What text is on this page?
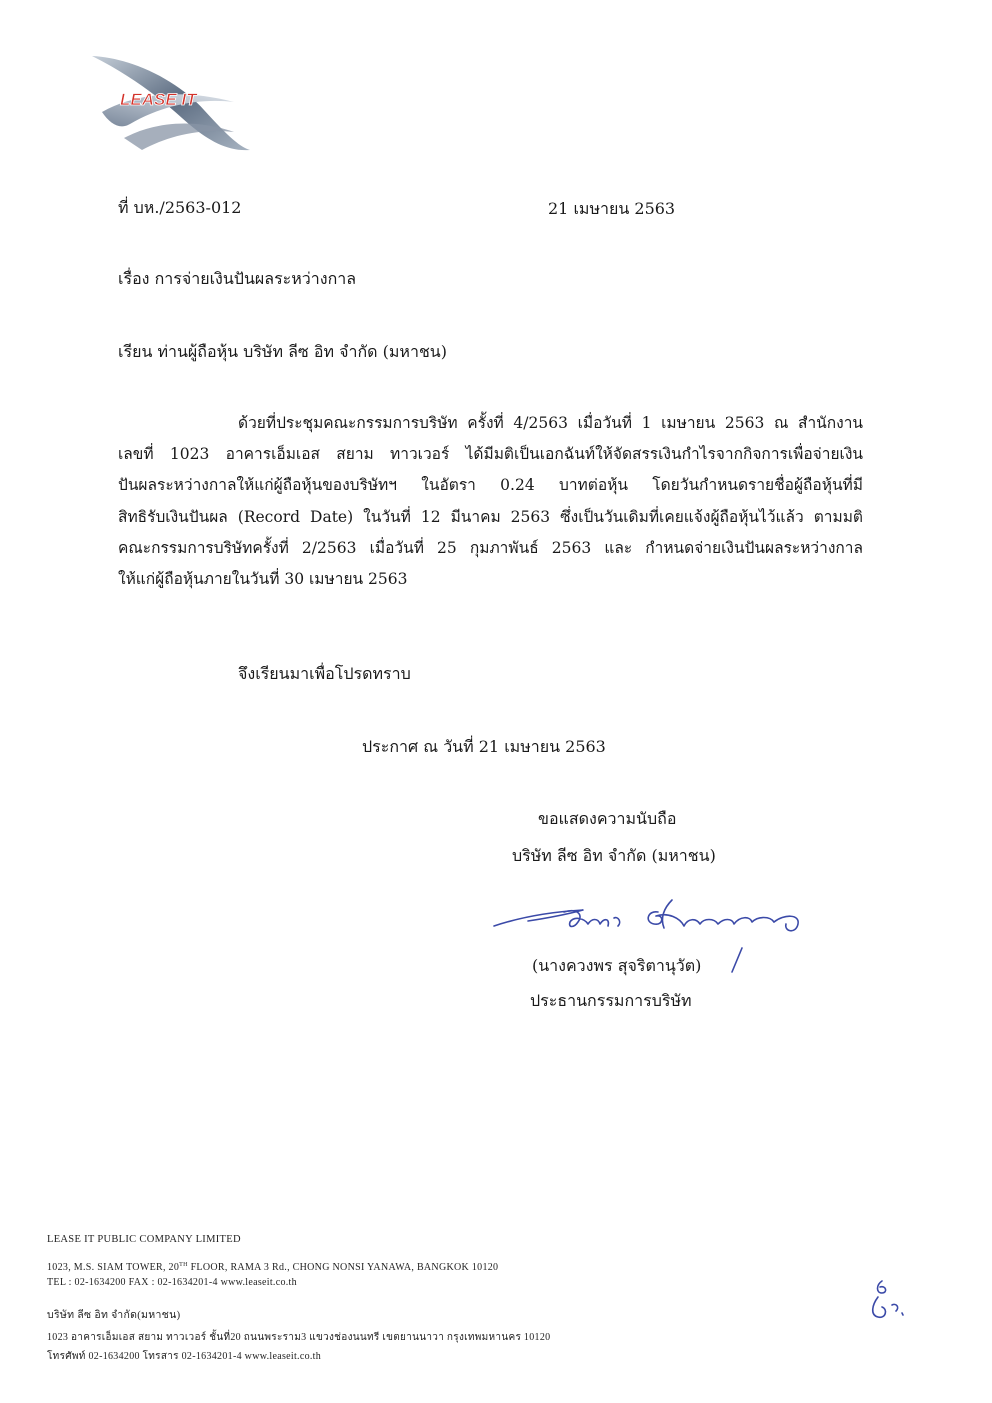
LEASE IT
ที่ บห./2563-012	21 เมษายน 2563
เรื่อง การจ่ายเงินปันผลระหว่างกาล
เรียน ท่านผู้ถือหุ้น บริษัท ลีซ อิท จำกัด (มหาชน)
ด้วยที่ประชุมคณะกรรมการบริษัท ครั้งที่ 4/2563 เมื่อวันที่ 1 เมษายน 2563 ณ สำนักงาน
เลขที่ 1023 อาคารเอ็มเอส สยาม ทาวเวอร์ ได้มีมติเป็นเอกฉันท์ให้จัดสรรเงินกำไรจากกิจการเพื่อจ่ายเงิน
ปันผลระหว่างกาลให้แก่ผู้ถือหุ้นของบริษัทฯ ในอัตรา 0.24 บาทต่อหุ้น โดยวันกำหนดรายชื่อผู้ถือหุ้นที่มี
สิทธิรับเงินปันผล (Record Date) ในวันที่ 12 มีนาคม 2563 ซึ่งเป็นวันเดิมที่เคยแจ้งผู้ถือหุ้นไว้แล้ว ตามมติ
คณะกรรมการบริษัทครั้งที่ 2/2563 เมื่อวันที่ 25 กุมภาพันธ์ 2563 และ กำหนดจ่ายเงินปันผลระหว่างกาล
ให้แก่ผู้ถือหุ้นภายในวันที่ 30 เมษายน 2563
จึงเรียนมาเพื่อโปรดทราบ
ประกาศ ณ วันที่ 21 เมษายน 2563
ขอแสดงความนับถือ
บริษัท ลีซ อิท จำกัด (มหาชน)
(นางควงพร สุจริตานุวัต)
ประธานกรรมการบริษัท
LEASE IT PUBLIC COMPANY LIMITED
1023, M.S. SIAM TOWER, 20TH FLOOR, RAMA 3 Rd., CHONG NONSI YANAWA, BANGKOK 10120
TEL : 02-1634200 FAX : 02-1634201-4 www.leaseit.co.th
บริษัท ลีซ อิท จำกัด(มหาชน)
1023 อาคารเอ็มเอส สยาม ทาวเวอร์ ชั้นที่20 ถนนพระราม3 แขวงช่องนนทรี เขตยานนาวา กรุงเทพมหานคร 10120
โทรศัพท์ 02-1634200 โทรสาร 02-1634201-4 www.leaseit.co.th
